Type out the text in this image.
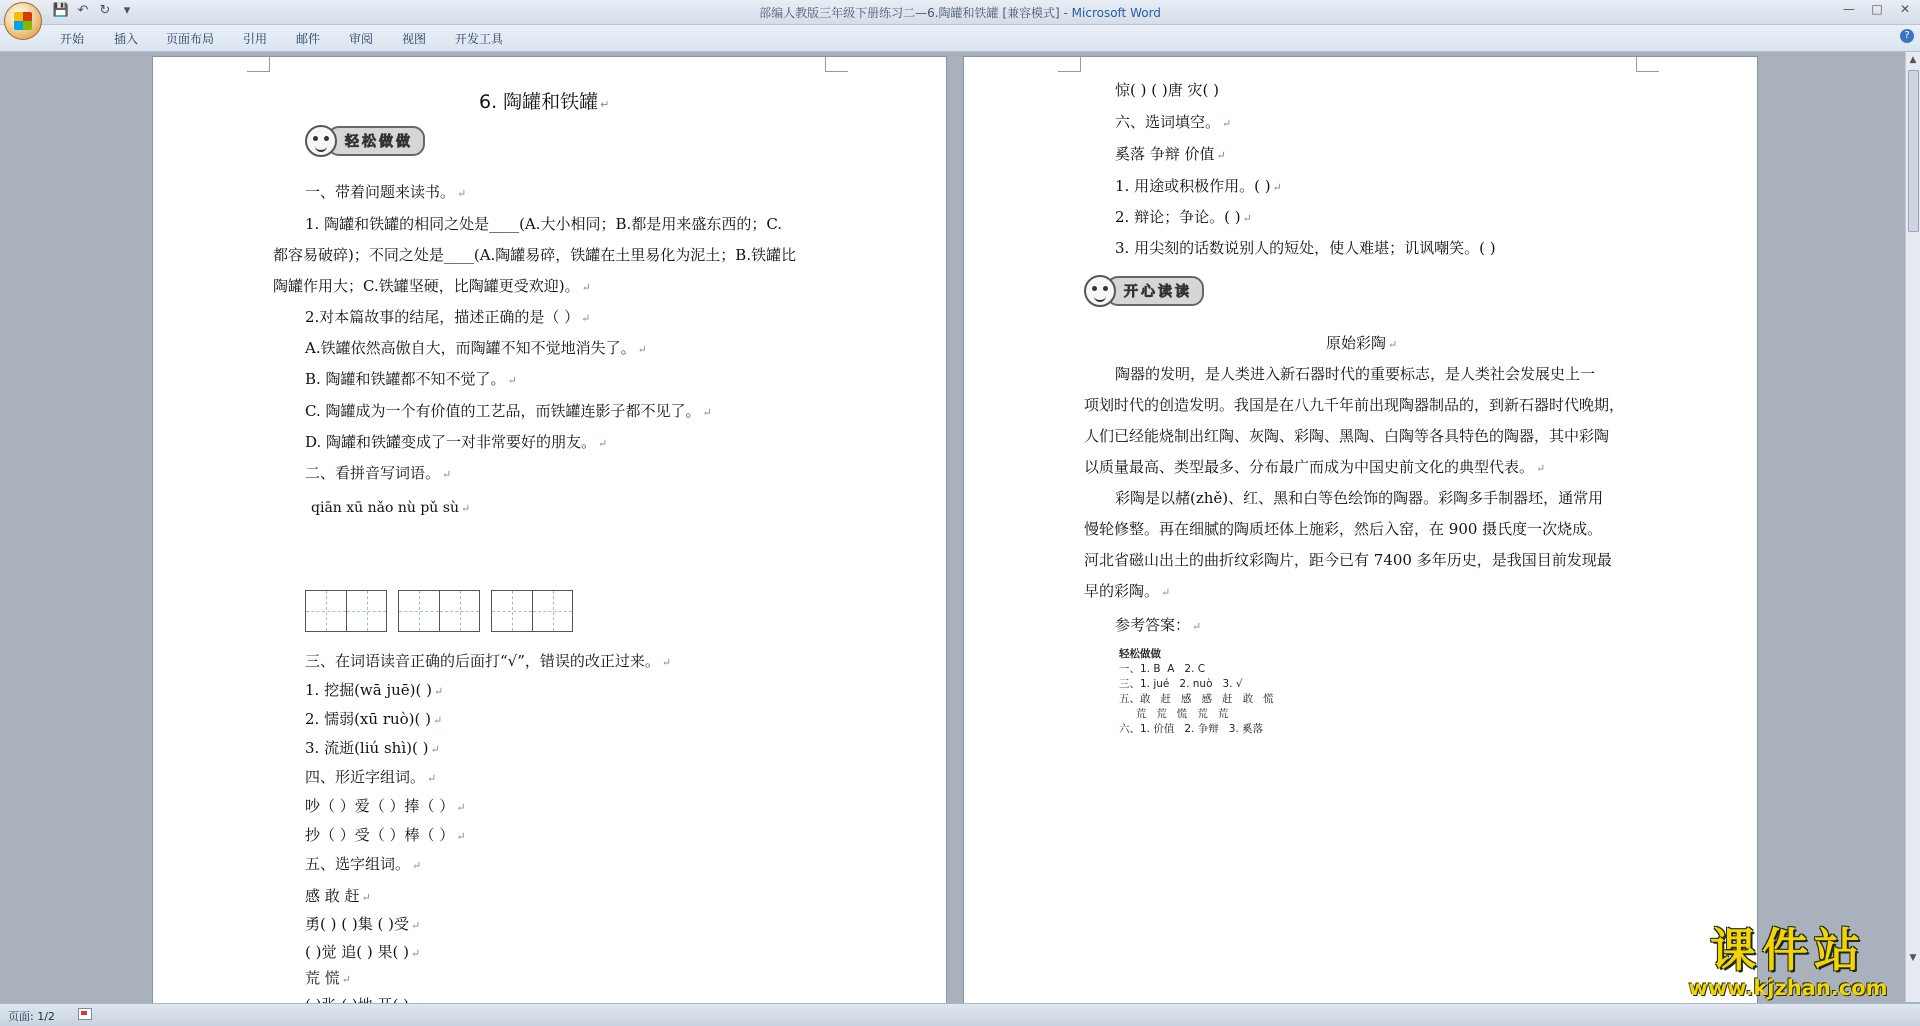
💾 ↶ ↻	▾	部编人教版三年级下册练习二—6.陶罐和铁罐 [兼容模式] - Microsoft Word	— □	✕
开始 插入 页面布局 引用 邮件 审阅 视图 开发工具	?
6. 陶罐和铁罐 ↵
轻松做做
一、带着问题来读书。 ↵
1. 陶罐和铁罐的相同之处是____(A.大小相同；B.都是用来盛东西的；C.
都容易破碎)；不同之处是____(A.陶罐易碎，铁罐在土里易化为泥土；B.铁罐比
陶罐作用大；C.铁罐坚硬，比陶罐更受欢迎)。 ↵
2.对本篇故事的结尾，描述正确的是（ ） ↵
A.铁罐依然高傲自大，而陶罐不知不觉地消失了。 ↵
B. 陶罐和铁罐都不知不觉了。 ↵
C. 陶罐成为一个有价值的工艺品，而铁罐连影子都不见了。 ↵
D. 陶罐和铁罐变成了一对非常要好的朋友。 ↵
二、看拼音写词语。 ↵
qiān xū nǎo nù pǔ sù ↵
三、在词语读音正确的后面打“√”，错误的改正过来。 ↵
1. 挖掘(wā juē)( ) ↵
2. 懦弱(xū ruò)( ) ↵
3. 流逝(liú shì)( ) ↵
四、形近字组词。 ↵
吵（ ）爱（ ）捧（ ） ↵
抄（ ）受（ ）棒（ ） ↵
五、选字组词。 ↵
感 敢 赶 ↵
勇( ) ( )集 ( )受 ↵
( )觉 追( ) 果( ) ↵
荒 慌 ↵
惊( ) ( )唐 灾( )
六、选词填空。 ↵
奚落 争辩 价值 ↵
1. 用途或积极作用。( ) ↵
2. 辩论；争论。( ) ↵
3. 用尖刻的话数说别人的短处，使人难堪；讥讽嘲笑。( )
开心读读
原始彩陶 ↵
陶器的发明，是人类进入新石器时代的重要标志，是人类社会发展史上一
项划时代的创造发明。我国是在八九千年前出现陶器制品的，到新石器时代晚期，
人们已经能烧制出红陶、灰陶、彩陶、黑陶、白陶等各具特色的陶器，其中彩陶
以质量最高、类型最多、分布最广而成为中国史前文化的典型代表。 ↵
彩陶是以赭(zhě)、红、黑和白等色绘饰的陶器。彩陶多手制器坯，通常用
慢轮修整。再在细腻的陶质坯体上施彩，然后入窑，在 900 摄氏度一次烧成。
河北省磁山出土的曲折纹彩陶片，距今已有 7400 多年历史，是我国目前发现最
早的彩陶。 ↵
参考答案： ↵
轻松做做
一、1. B  A   2. C
三、1. jué   2. nuò   3. √
五、敢   赶   感   感   赶   敢   慌
荒   荒   慌   荒   荒
六、1. 价值   2. 争辩   3. 奚落
▲
▼
页面: 1/2
课件站
www.kjzhan.com
